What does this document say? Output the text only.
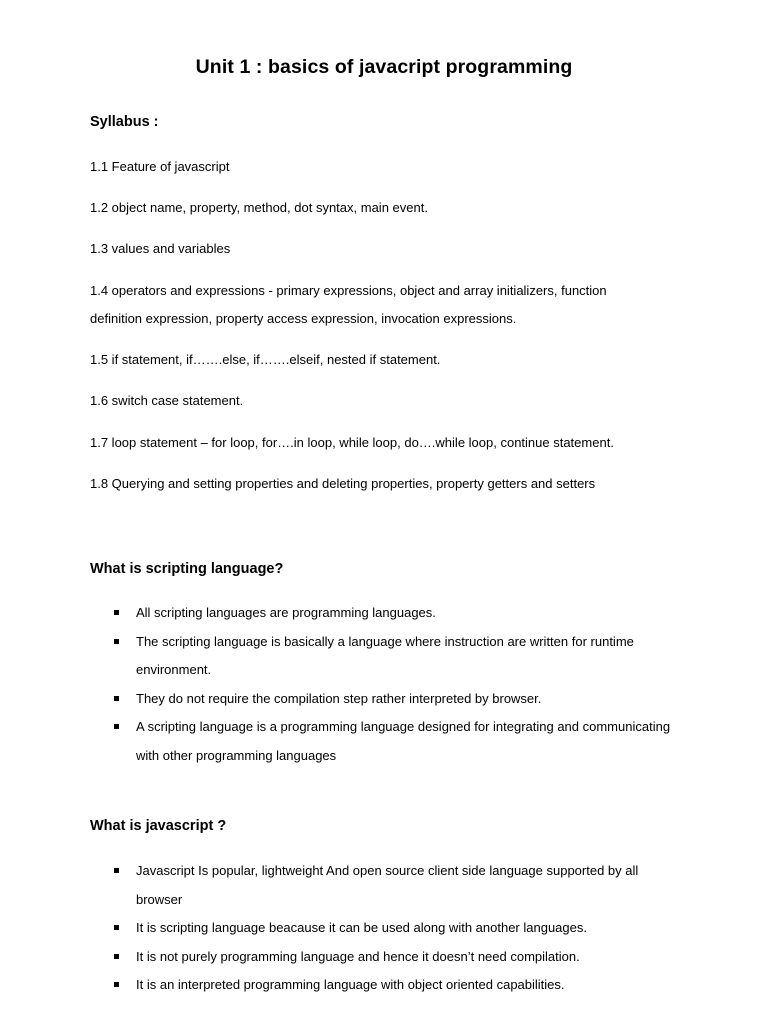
Unit 1 : basics of javacript programming
Syllabus :
1.1 Feature of javascript
1.2 object name, property, method, dot syntax, main event.
1.3 values and variables
1.4 operators and expressions - primary expressions, object and array initializers, function
definition expression, property access expression, invocation expressions.
1.5 if statement, if…….else, if…….elseif, nested if statement.
1.6 switch case statement.
1.7 loop statement – for loop, for….in loop, while loop, do….while loop, continue statement.
1.8 Querying and setting properties and deleting properties, property getters and setters
What is scripting language?
All scripting languages are programming languages.
The scripting language is basically a language where instruction are written for runtime environment.
They do not require the compilation step rather interpreted by browser.
A scripting language is a programming language designed for integrating and communicating with other programming languages
What is javascript ?
Javascript Is popular, lightweight And open source client side language supported by all browser
It is scripting language beacause it can be used along with another languages.
It is not purely programming language and hence it doesn’t need compilation.
It is an interpreted programming language with object oriented capabilities.
